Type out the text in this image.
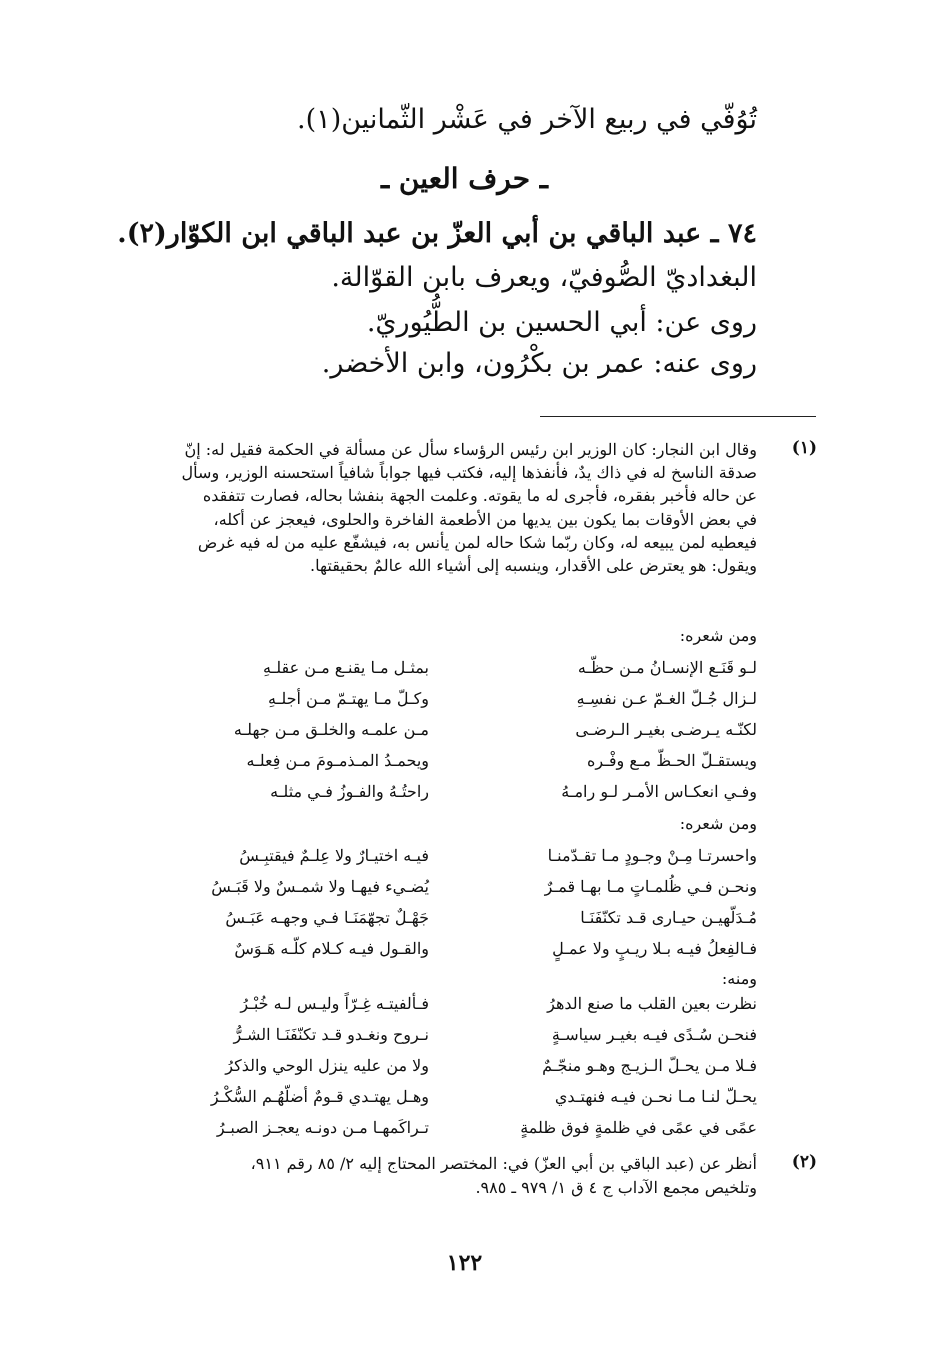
تُوُفّي في ربيع الآخر في عَشْر الثّمانين(١).
ـ حرف العين ـ
٧٤ ـ عبد الباقي بن أبي العزّ بن عبد الباقي ابن الكوّار(٢).
البغداديّ الصُّوفيّ، ويعرف بابن القوّالة.
روى عن: أبي الحسين بن الطُّيُوريّ.
روى عنه: عمر بن بكْرُون، وابن الأخضر.
(١)
وقال ابن النجار: كان الوزير ابن رئيس الرؤساء سأل عن مسألة في الحكمة فقيل له: إنّ
صدقة الناسخ له في ذاك يدٌ، فأنفذها إليه، فكتب فيها جواباً شافياً استحسنه الوزير، وسأل
عن حاله فأخبر بفقره، فأجرى له ما يقوته. وعلمت الجهة بنفشا بحاله، فصارت تتفقده
في بعض الأوقات بما يكون بين يديها من الأطعمة الفاخرة والحلوى، فيعجز عن أكله،
فيعطيه لمن يبيعه له، وكان ربّما شكا حاله لمن يأنس به، فيشفّع عليه من له فيه غرض
ويقول: هو يعترض على الأقدار، وينسبه إلى أشياء الله عالمٌ بحقيقتها.
ومن شعره:
لـو قَنَـع الإنسـانُ مـن حظّـه
لـزال جُـلّ الغـمّ عـن نفسِـهِ
لكنّـه يـرضـى بغيـر الـرضـى
ويستقـلّ الحـظّ مـع وفْـره
وفـي انعكـاس الأمـر لـو رامـهُ
بمثـل مـا يقنـع مـن عقلـهِ
وكـلّ مـا يهتـمّ مـن أجلـهِ
مـن علمـه والخلـق مـن جهلـه
ويحمـدُ المـذمـومَ مـن فِعلـه
راحتُـهُ والفـوزُ فـي مثلـه
ومن شعره:
واحسرتـا مِـنْ وجـودٍ مـا تقـدّمنـا
ونحـن فـي ظُلمـاتٍ مـا بهـا قمـرٌ
مُـدَلّهيـن حيـارى قـد تكنّفَنَـا
فـالفِعلُ فيـه بـلا ريـبٍ ولا عمـلٍ
فيـه اختيـارٌ ولا عِلـمٌ فيقتبِـسُ
يُضـيء فيهـا ولا شمـسٌ ولا قَبَـسُ
جَهْـلٌ تجهّمَنَـا فـي وجهـه عَبَـسُ
والقـول فيـه كـلام كلّـه هَـوَسٌ
ومنه:
نظرت بعين القلب ما صنع الدهرُ
فنحـن سُـدًى فيـه بغيـر سياسـةٍ
فـلا مـن يحـلّ الـزيـج وهـو منجّـمٌ
يحـلّ لنـا مـا نحـن فيـه فنهتـدي
عمًى في عمًى في ظلمةٍ فوق ظلمةٍ
فـألفيتـه غِـرّاً وليـس لـه خُبْـرُ
نـروح ونغـدو قـد تكنّفَنَـا الشـرُّ
ولا من عليه ينزل الوحي والذكرُ
وهـل يهتـدي قـومٌ أضلّهُـم السُّكْـرُ
تـراكَمهـا مـن دونـه يعجـز الصبـرُ
(٢)
أنظر عن (عبد الباقي بن أبي العزّ) في: المختصر المحتاج إليه ٢/ ٨٥ رقم ٩١١،
وتلخيص مجمع الآداب ج ٤ ق ١/ ٩٧٩ ـ ٩٨٥.
١٢٢
